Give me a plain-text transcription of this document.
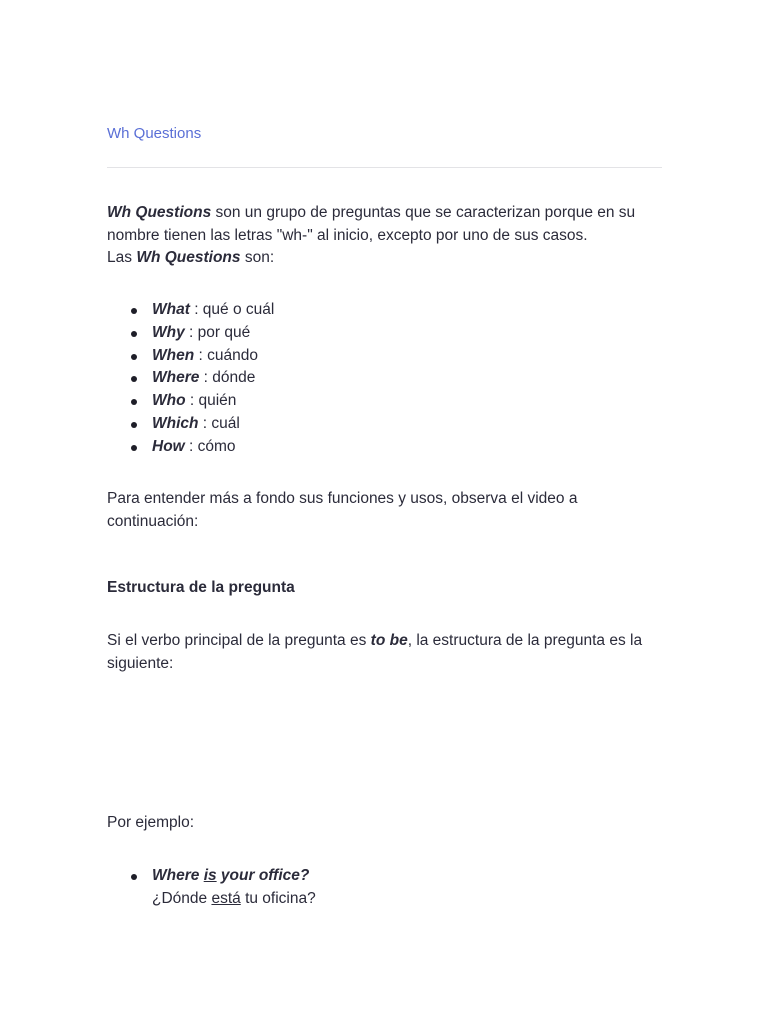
Wh Questions

Wh Questions son un grupo de preguntas que se caracterizan porque en su nombre tienen las letras "wh-" al inicio, excepto por uno de sus casos.

Las Wh Questions son:

What : qué o cuál
Why : por qué
When : cuándo
Where : dónde
Who : quién
Which : cuál
How : cómo

Para entender más a fondo sus funciones y usos, observa el video a continuación:

Estructura de la pregunta

Si el verbo principal de la pregunta es to be, la estructura de la pregunta es la siguiente:

Por ejemplo:

Where is your office?
¿Dónde está tu oficina?
